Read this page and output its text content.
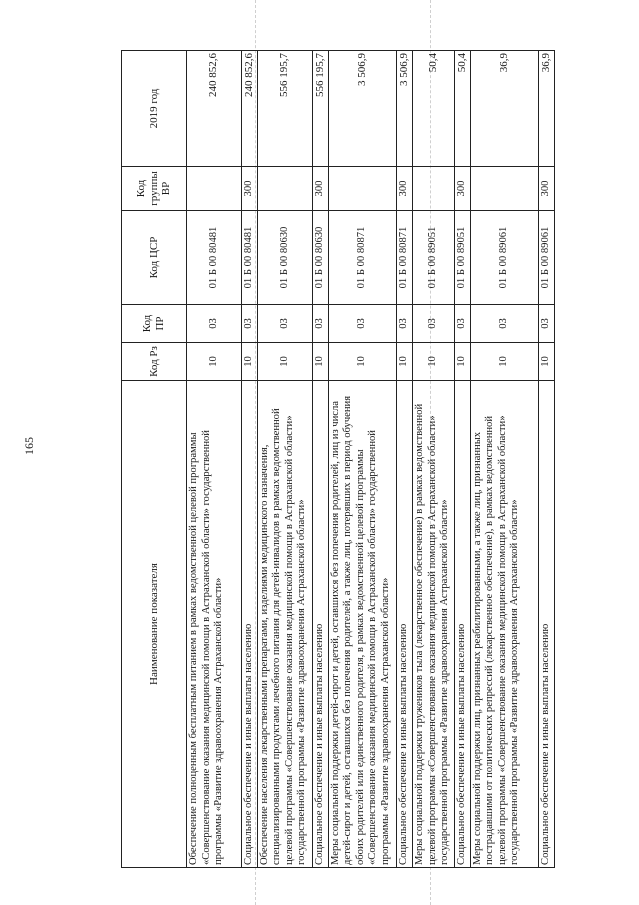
165
Наименование показателя	Код Рз	Код ПР	Код ЦСР	Код группы ВР	2019 год
Обеспечение полноценным бесплатным питанием в рамках ведомственной целевой программы «Совершенствование оказания медицинской помощи в Астраханской области» государственной программы «Развитие здравоохранения Астраханской области»	10	03	01 Б 00 80481		240 852,6
Социальное обеспечение и иные выплаты населению	10	03	01 Б 00 80481	300	240 852,6
Обеспечение населения лекарственными препаратами, изделиями медицинского назначения, специализированными продуктами лечебного питания для детей-инвалидов в рамках ведомственной целевой программы «Совершенствование оказания медицинской помощи в Астраханской области» государственной программы «Развитие здравоохранения Астраханской области»	10	03	01 Б 00 80630		556 195,7
Социальное обеспечение и иные выплаты населению	10	03	01 Б 00 80630	300	556 195,7
Меры социальной поддержки детей-сирот и детей, оставшихся без попечения родителей, лиц из числа детей-сирот и детей, оставшихся без попечения родителей, а также лиц, потерявших в период обучения обоих родителей или единственного родителя, в рамках ведомственной целевой программы «Совершенствование оказания медицинской помощи в Астраханской области» государственной программы «Развитие здравоохранения Астраханской области»	10	03	01 Б 00 80871		3 506,9
Социальное обеспечение и иные выплаты населению	10	03	01 Б 00 80871	300	3 506,9
Меры социальной поддержки тружеников тыла (лекарственное обеспечение) в рамках ведомственной целевой программы «Совершенствование оказания медицинской помощи в Астраханской области» государственной программы «Развитие здравоохранения Астраханской области»	10	03	01 Б 00 89051		50,4
Социальное обеспечение и иные выплаты населению	10	03	01 Б 00 89051	300	50,4
Меры социальной поддержки лиц, признанных реабилитированными, а также лиц, признанных пострадавшими от политических репрессий (лекарственное обеспечение), в рамках ведомственной целевой программы «Совершенствование оказания медицинской помощи в Астраханской области» государственной программы «Развитие здравоохранения Астраханской области»	10	03	01 Б 00 89061		36,9
Социальное обеспечение и иные выплаты населению	10	03	01 Б 00 89061	300	36,9
